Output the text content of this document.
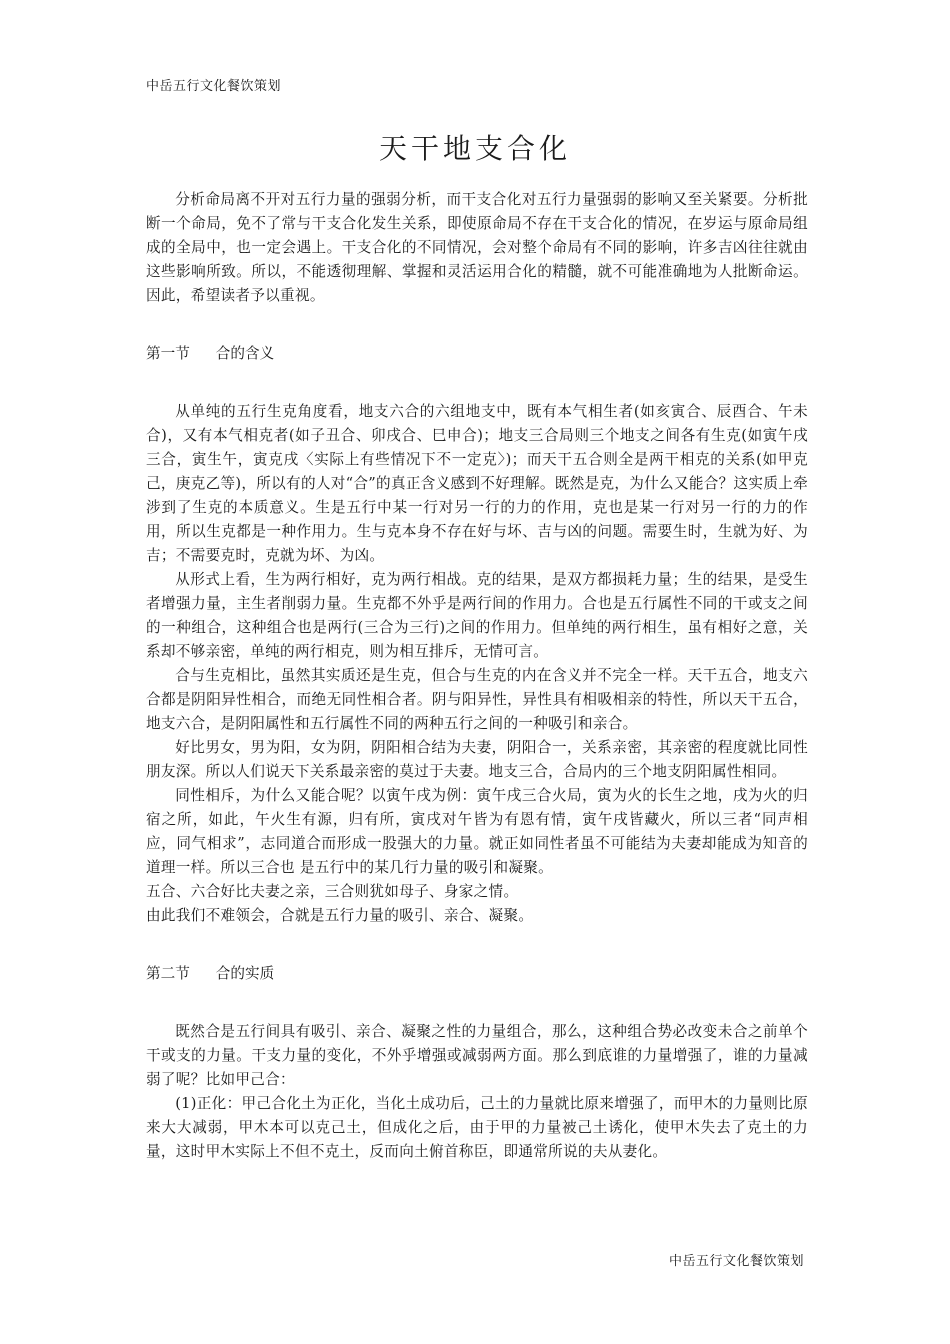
中岳五行文化餐饮策划
天干地支合化

分析命局离不开对五行力量的强弱分析，而干支合化对五行力量强弱的影响又至关紧要。分析批断一个命局，免不了常与干支合化发生关系，即使原命局不存在干支合化的情况，在岁运与原命局组成的全局中，也一定会遇上。干支合化的不同情况，会对整个命局有不同的影响，许多吉凶往往就由这些影响所致。所以，不能透彻理解、掌握和灵活运用合化的精髓，就不可能准确地为人批断命运。因此，希望读者予以重视。

第一节 合的含义

从单纯的五行生克角度看，地支六合的六组地支中，既有本气相生者(如亥寅合、辰酉合、午未合)，又有本气相克者(如子丑合、卯戌合、巳申合)；地支三合局则三个地支之间各有生克(如寅午戌三合，寅生午，寅克戌〈实际上有些情况下不一定克〉)；而天干五合则全是两干相克的关系(如甲克己，庚克乙等)，所以有的人对“合”的真正含义感到不好理解。既然是克，为什么又能合？这实质上牵涉到了生克的本质意义。生是五行中某一行对另一行的力的作用，克也是某一行对另一行的力的作用，所以生克都是一种作用力。生与克本身不存在好与坏、吉与凶的问题。需要生时，生就为好、为吉；不需要克时，克就为坏、为凶。

从形式上看，生为两行相好，克为两行相战。克的结果，是双方都损耗力量；生的结果，是受生者增强力量，主生者削弱力量。生克都不外乎是两行间的作用力。合也是五行属性不同的干或支之间的一种组合，这种组合也是两行(三合为三行)之间的作用力。但单纯的两行相生，虽有相好之意，关系却不够亲密，单纯的两行相克，则为相互排斥，无情可言。

合与生克相比，虽然其实质还是生克，但合与生克的内在含义并不完全一样。天干五合，地支六合都是阴阳异性相合，而绝无同性相合者。阴与阳异性，异性具有相吸相亲的特性，所以天干五合，地支六合，是阴阳属性和五行属性不同的两种五行之间的一种吸引和亲合。

好比男女，男为阳，女为阴，阴阳相合结为夫妻，阴阳合一，关系亲密，其亲密的程度就比同性朋友深。所以人们说天下关系最亲密的莫过于夫妻。地支三合，合局内的三个地支阴阳属性相同。

同性相斥，为什么又能合呢？以寅午戌为例：寅午戌三合火局，寅为火的长生之地，戌为火的归宿之所，如此，午火生有源，归有所，寅戌对午皆为有恩有情，寅午戌皆藏火，所以三者“同声相应，同气相求”，志同道合而形成一股强大的力量。就正如同性者虽不可能结为夫妻却能成为知音的道理一样。所以三合也 是五行中的某几行力量的吸引和凝聚。

五合、六合好比夫妻之亲，三合则犹如母子、身家之情。

由此我们不难领会，合就是五行力量的吸引、亲合、凝聚。

第二节 合的实质

既然合是五行间具有吸引、亲合、凝聚之性的力量组合，那么，这种组合势必改变未合之前单个干或支的力量。干支力量的变化，不外乎增强或减弱两方面。那么到底谁的力量增强了，谁的力量减弱了呢？比如甲己合：

(1)正化：甲己合化土为正化，当化土成功后，己土的力量就比原来增强了，而甲木的力量则比原来大大减弱，甲木本可以克己土，但成化之后，由于甲的力量被己土诱化，使甲木失去了克土的力量，这时甲木实际上不但不克土，反而向土俯首称臣，即通常所说的夫从妻化。

中岳五行文化餐饮策划
